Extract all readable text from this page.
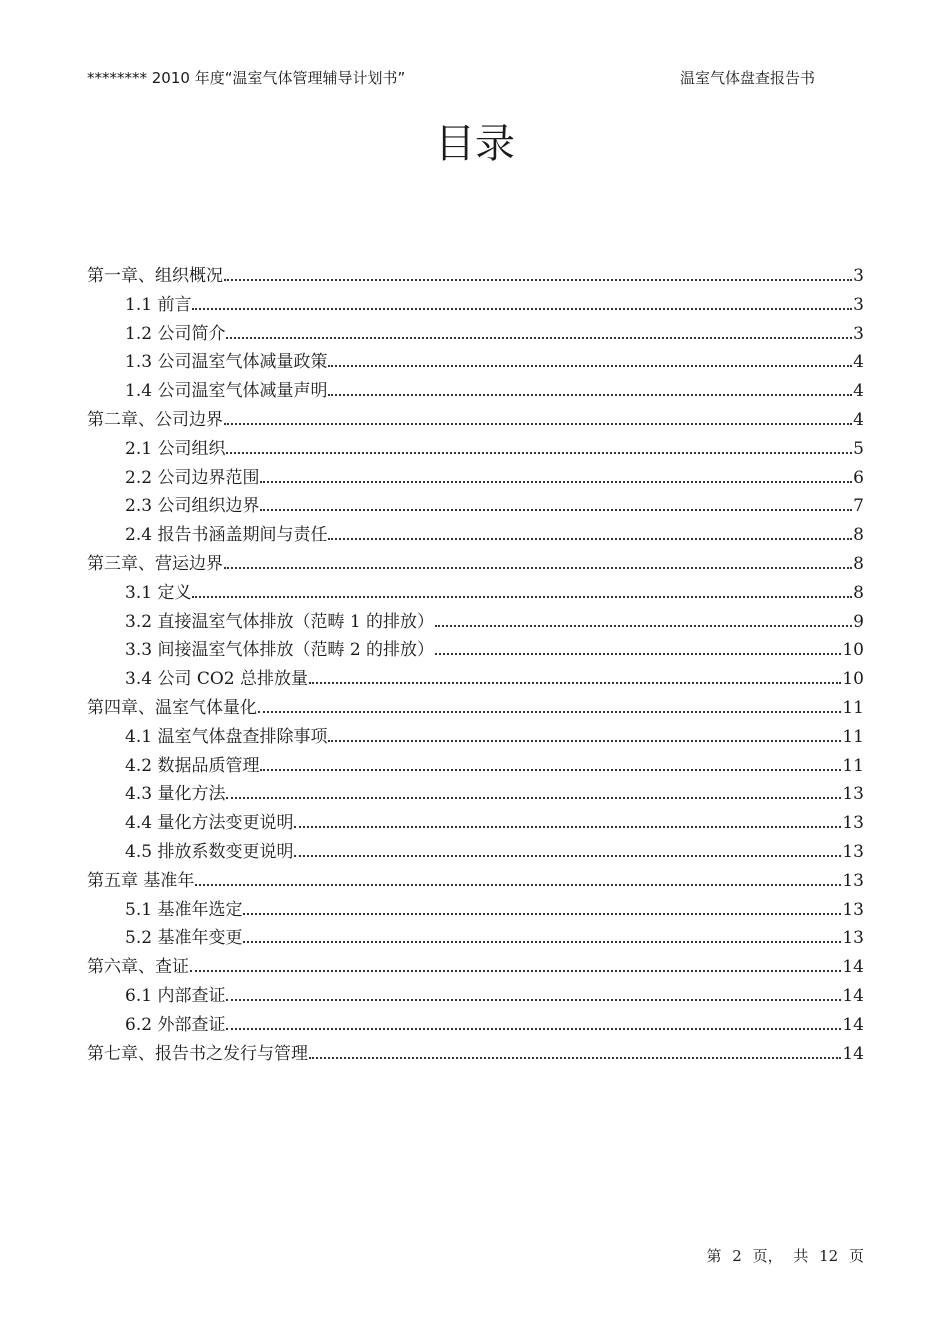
******** 2010 年度“温室气体管理辅导计划书”	温室气体盘查报告书
目录
第一章、组织概况	3
1.1 前言	3
1.2 公司简介	3
1.3 公司温室气体减量政策	4
1.4 公司温室气体减量声明	4
第二章、公司边界	4
2.1 公司组织	5
2.2 公司边界范围	6
2.3 公司组织边界	7
2.4 报告书涵盖期间与责任	8
第三章、营运边界	8
3.1 定义	8
3.2 直接温室气体排放（范畴 1 的排放）	9
3.3 间接温室气体排放（范畴 2 的排放）	10
3.4 公司 CO2 总排放量	10
第四章、温室气体量化	11
4.1 温室气体盘查排除事项	11
4.2 数据品质管理	11
4.3 量化方法	13
4.4 量化方法变更说明	13
4.5 排放系数变更说明	13
第五章 基准年	13
5.1 基准年选定	13
5.2 基准年变更	13
第六章、查证	14
6.1 内部查证	14
6.2 外部查证	14
第七章、报告书之发行与管理	14
第 2 页， 共 12 页
